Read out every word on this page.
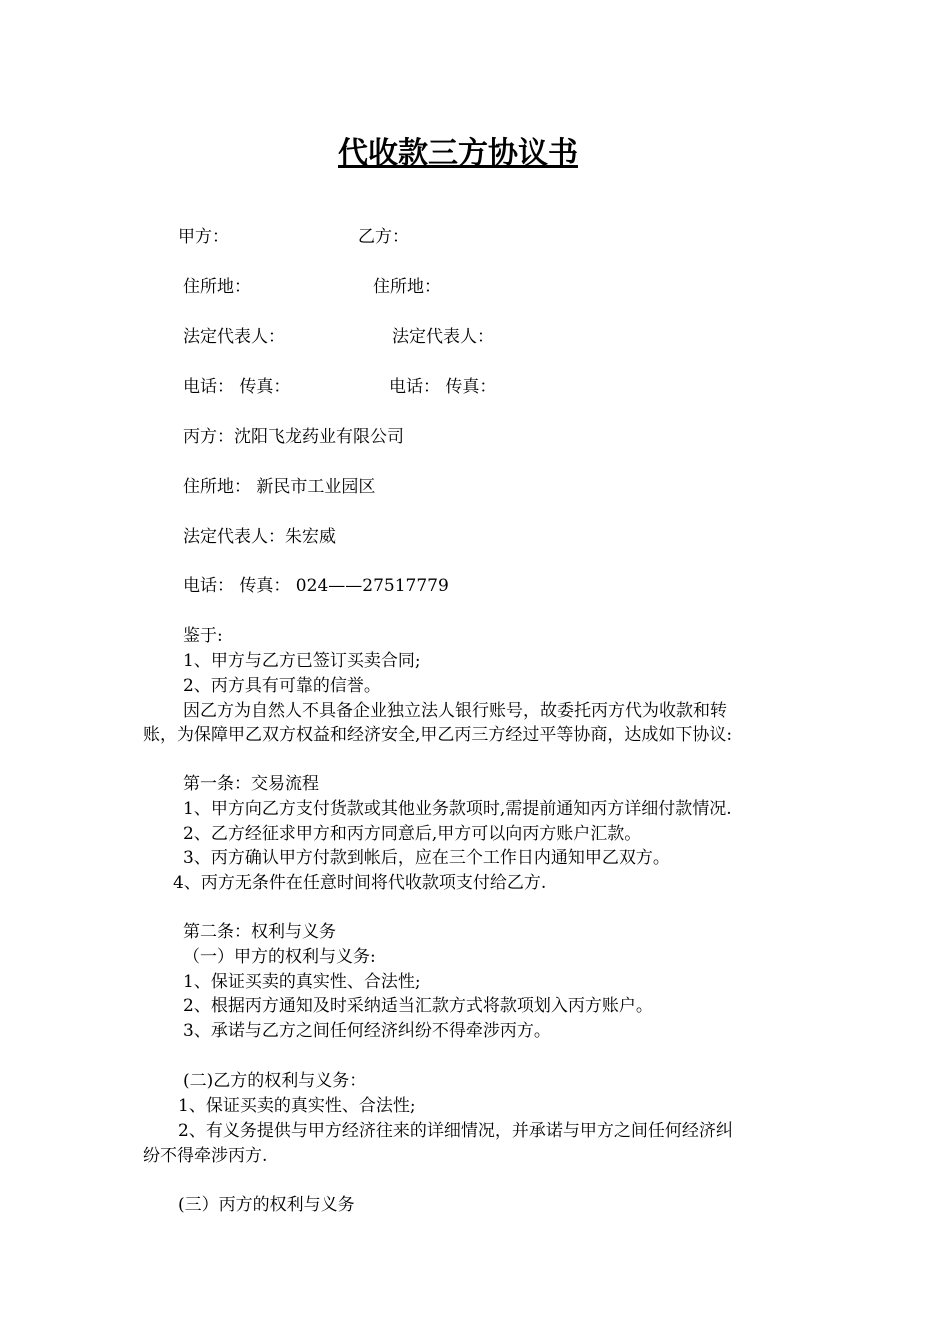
代收款三方协议书
甲方：	乙方：
住所地：	住所地：
法定代表人：	法定代表人：
电话： 传真：	电话： 传真：
丙方：沈阳飞龙药业有限公司
住所地： 新民市工业园区
法定代表人：朱宏威
电话： 传真： 024——27517779
鉴于:
1、甲方与乙方已签订买卖合同;
2、丙方具有可靠的信誉。
因乙方为自然人不具备企业独立法人银行账号，故委托丙方代为收款和转
账，为保障甲乙双方权益和经济安全,甲乙丙三方经过平等协商，达成如下协议:
第一条：交易流程
1、甲方向乙方支付货款或其他业务款项时,需提前通知丙方详细付款情况.
2、乙方经征求甲方和丙方同意后,甲方可以向丙方账户汇款。
3、丙方确认甲方付款到帐后，应在三个工作日内通知甲乙双方。
4、丙方无条件在任意时间将代收款项支付给乙方.
第二条：权利与义务
（一）甲方的权利与义务:
1、保证买卖的真实性、合法性;
2、根据丙方通知及时采纳适当汇款方式将款项划入丙方账户。
3、承诺与乙方之间任何经济纠纷不得牵涉丙方。
(二)乙方的权利与义务：
1、保证买卖的真实性、合法性;
2、有义务提供与甲方经济往来的详细情况，并承诺与甲方之间任何经济纠
纷不得牵涉丙方.
(三）丙方的权利与义务
